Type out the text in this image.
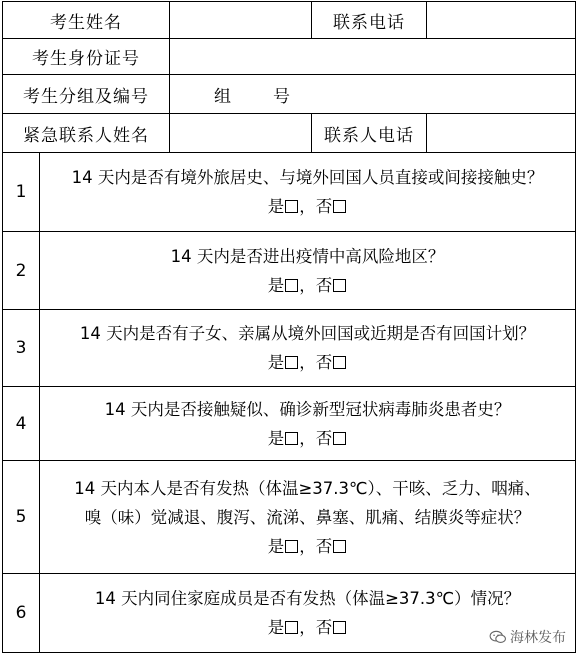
考生姓名	联系电话
考生身份证号
考生分组及编号	组 号
紧急联系人姓名	联系人电话
1
14 天内是否有境外旅居史、与境外回国人员直接或间接接触史？
是 ，否
2
14 天内是否进出疫情中高风险地区？
是 ，否
3
14 天内是否有子女、亲属从境外回国或近期是否有回国计划？
是 ，否
4
14 天内是否接触疑似、确诊新型冠状病毒肺炎患者史？
是 ，否
5
14 天内本人是否有发热（体温≥37.3℃）、干咳、乏力、咽痛、
嗅（味）觉减退、腹泻、流涕、鼻塞、肌痛、结膜炎等症状？
是 ，否
6
14 天内同住家庭成员是否有发热（体温≥37.3℃）情况？
是 ，否
海林发布
